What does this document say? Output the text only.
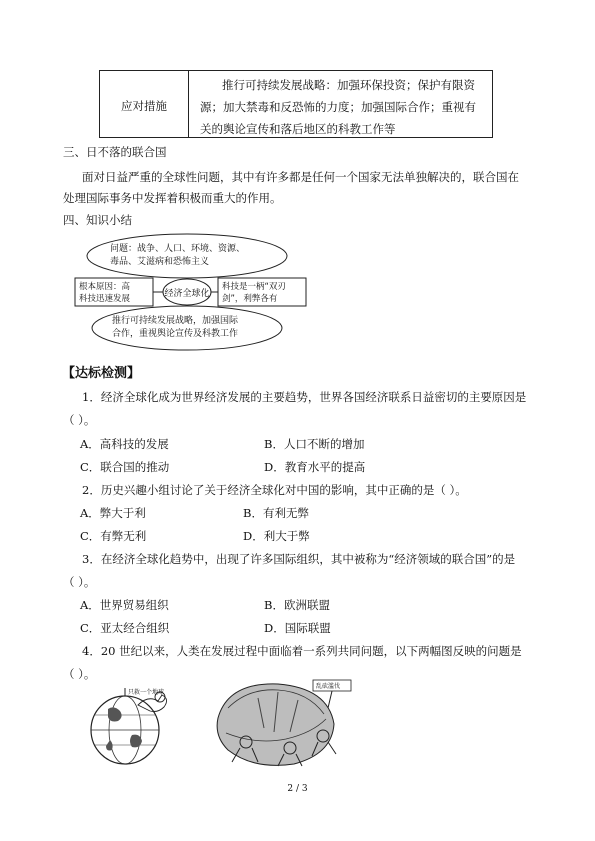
应对措施
推行可持续发展战略：加强环保投资；保护有限资
源；加大禁毒和反恐怖的力度；加强国际合作；重视有
关的舆论宣传和落后地区的科教工作等
三、日不落的联合国
面对日益严重的全球性问题，其中有许多都是任何一个国家无法单独解决的，联合国在
处理国际事务中发挥着积极而重大的作用。
四、知识小结
问题：战争、人口、环境、资源、
毒品、艾滋病和恐怖主义
根本原因：高
科技迅速发展	经济全球化
科技是一柄“双刃
剑”，利弊各有
推行可持续发展战略，加强国际
合作，重视舆论宣传及科教工作
【达标检测】
1．经济全球化成为世界经济发展的主要趋势，世界各国经济联系日益密切的主要原因是
（ ）。
A．高科技的发展	B．人口不断的增加
C．联合国的推动	D．教育水平的提高
2．历史兴趣小组讨论了关于经济全球化对中国的影响，其中正确的是（ ）。
A．弊大于利	B．有利无弊
C．有弊无利	D．利大于弊
3．在经济全球化趋势中，出现了许多国际组织，其中被称为“经济领域的联合国”的是
（ ）。
A．世界贸易组织	B．欧洲联盟
C．亚太经合组织	D．国际联盟
4．20 世纪以来，人类在发展过程中面临着一系列共同问题，以下两幅图反映的问题是
（ ）。
只救一个地球
乱砍滥伐
2 / 3
